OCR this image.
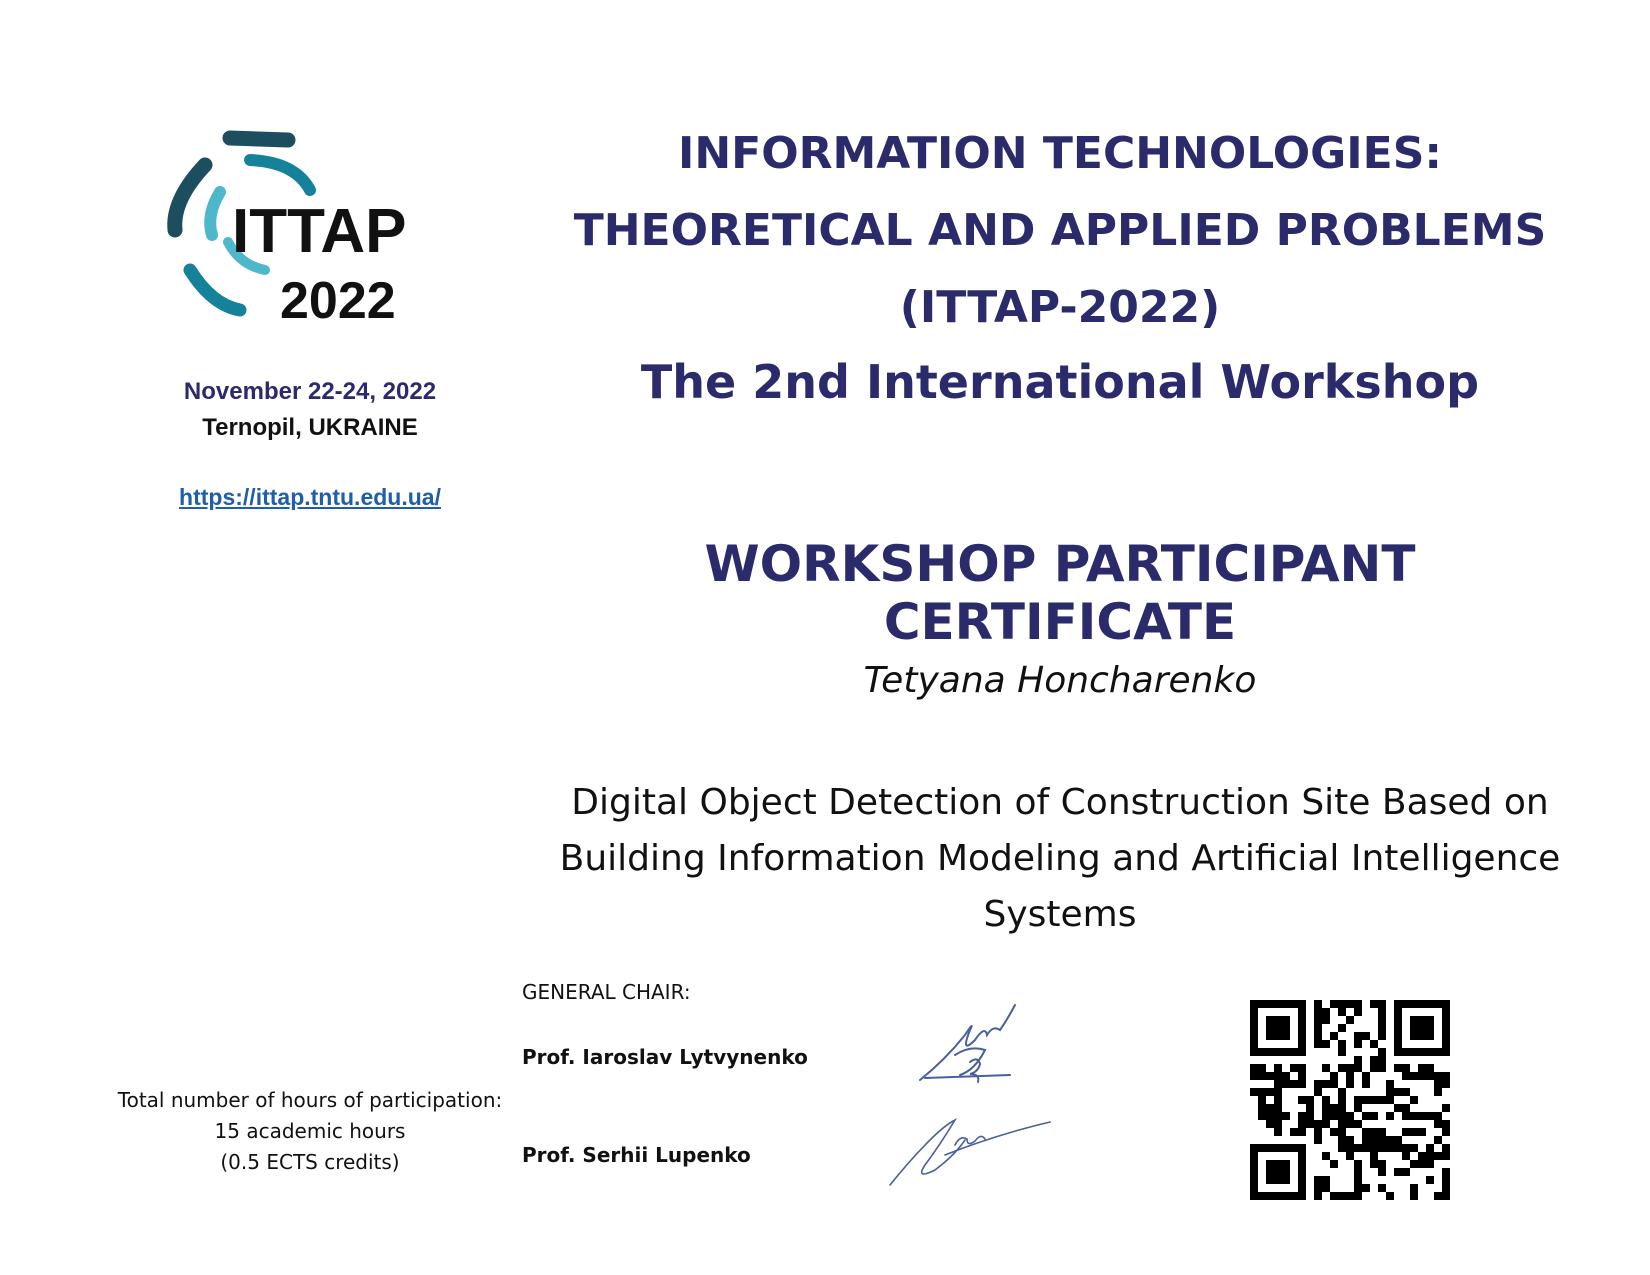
ITTAP
2022
November 22-24, 2022
Ternopil, UKRAINE
https://ittap.tntu.edu.ua/
INFORMATION TECHNOLOGIES:
THEORETICAL AND APPLIED PROBLEMS
(ITTAP-2022)
The 2nd International Workshop
WORKSHOP PARTICIPANT CERTIFICATE
Tetyana Honcharenko
Digital Object Detection of Construction Site Based on
Building Information Modeling and Artificial Intelligence
Systems
GENERAL CHAIR:
Prof. Iaroslav Lytvynenko
Prof. Serhii Lupenko
Total number of hours of participation:
15 academic hours
(0.5 ECTS credits)
